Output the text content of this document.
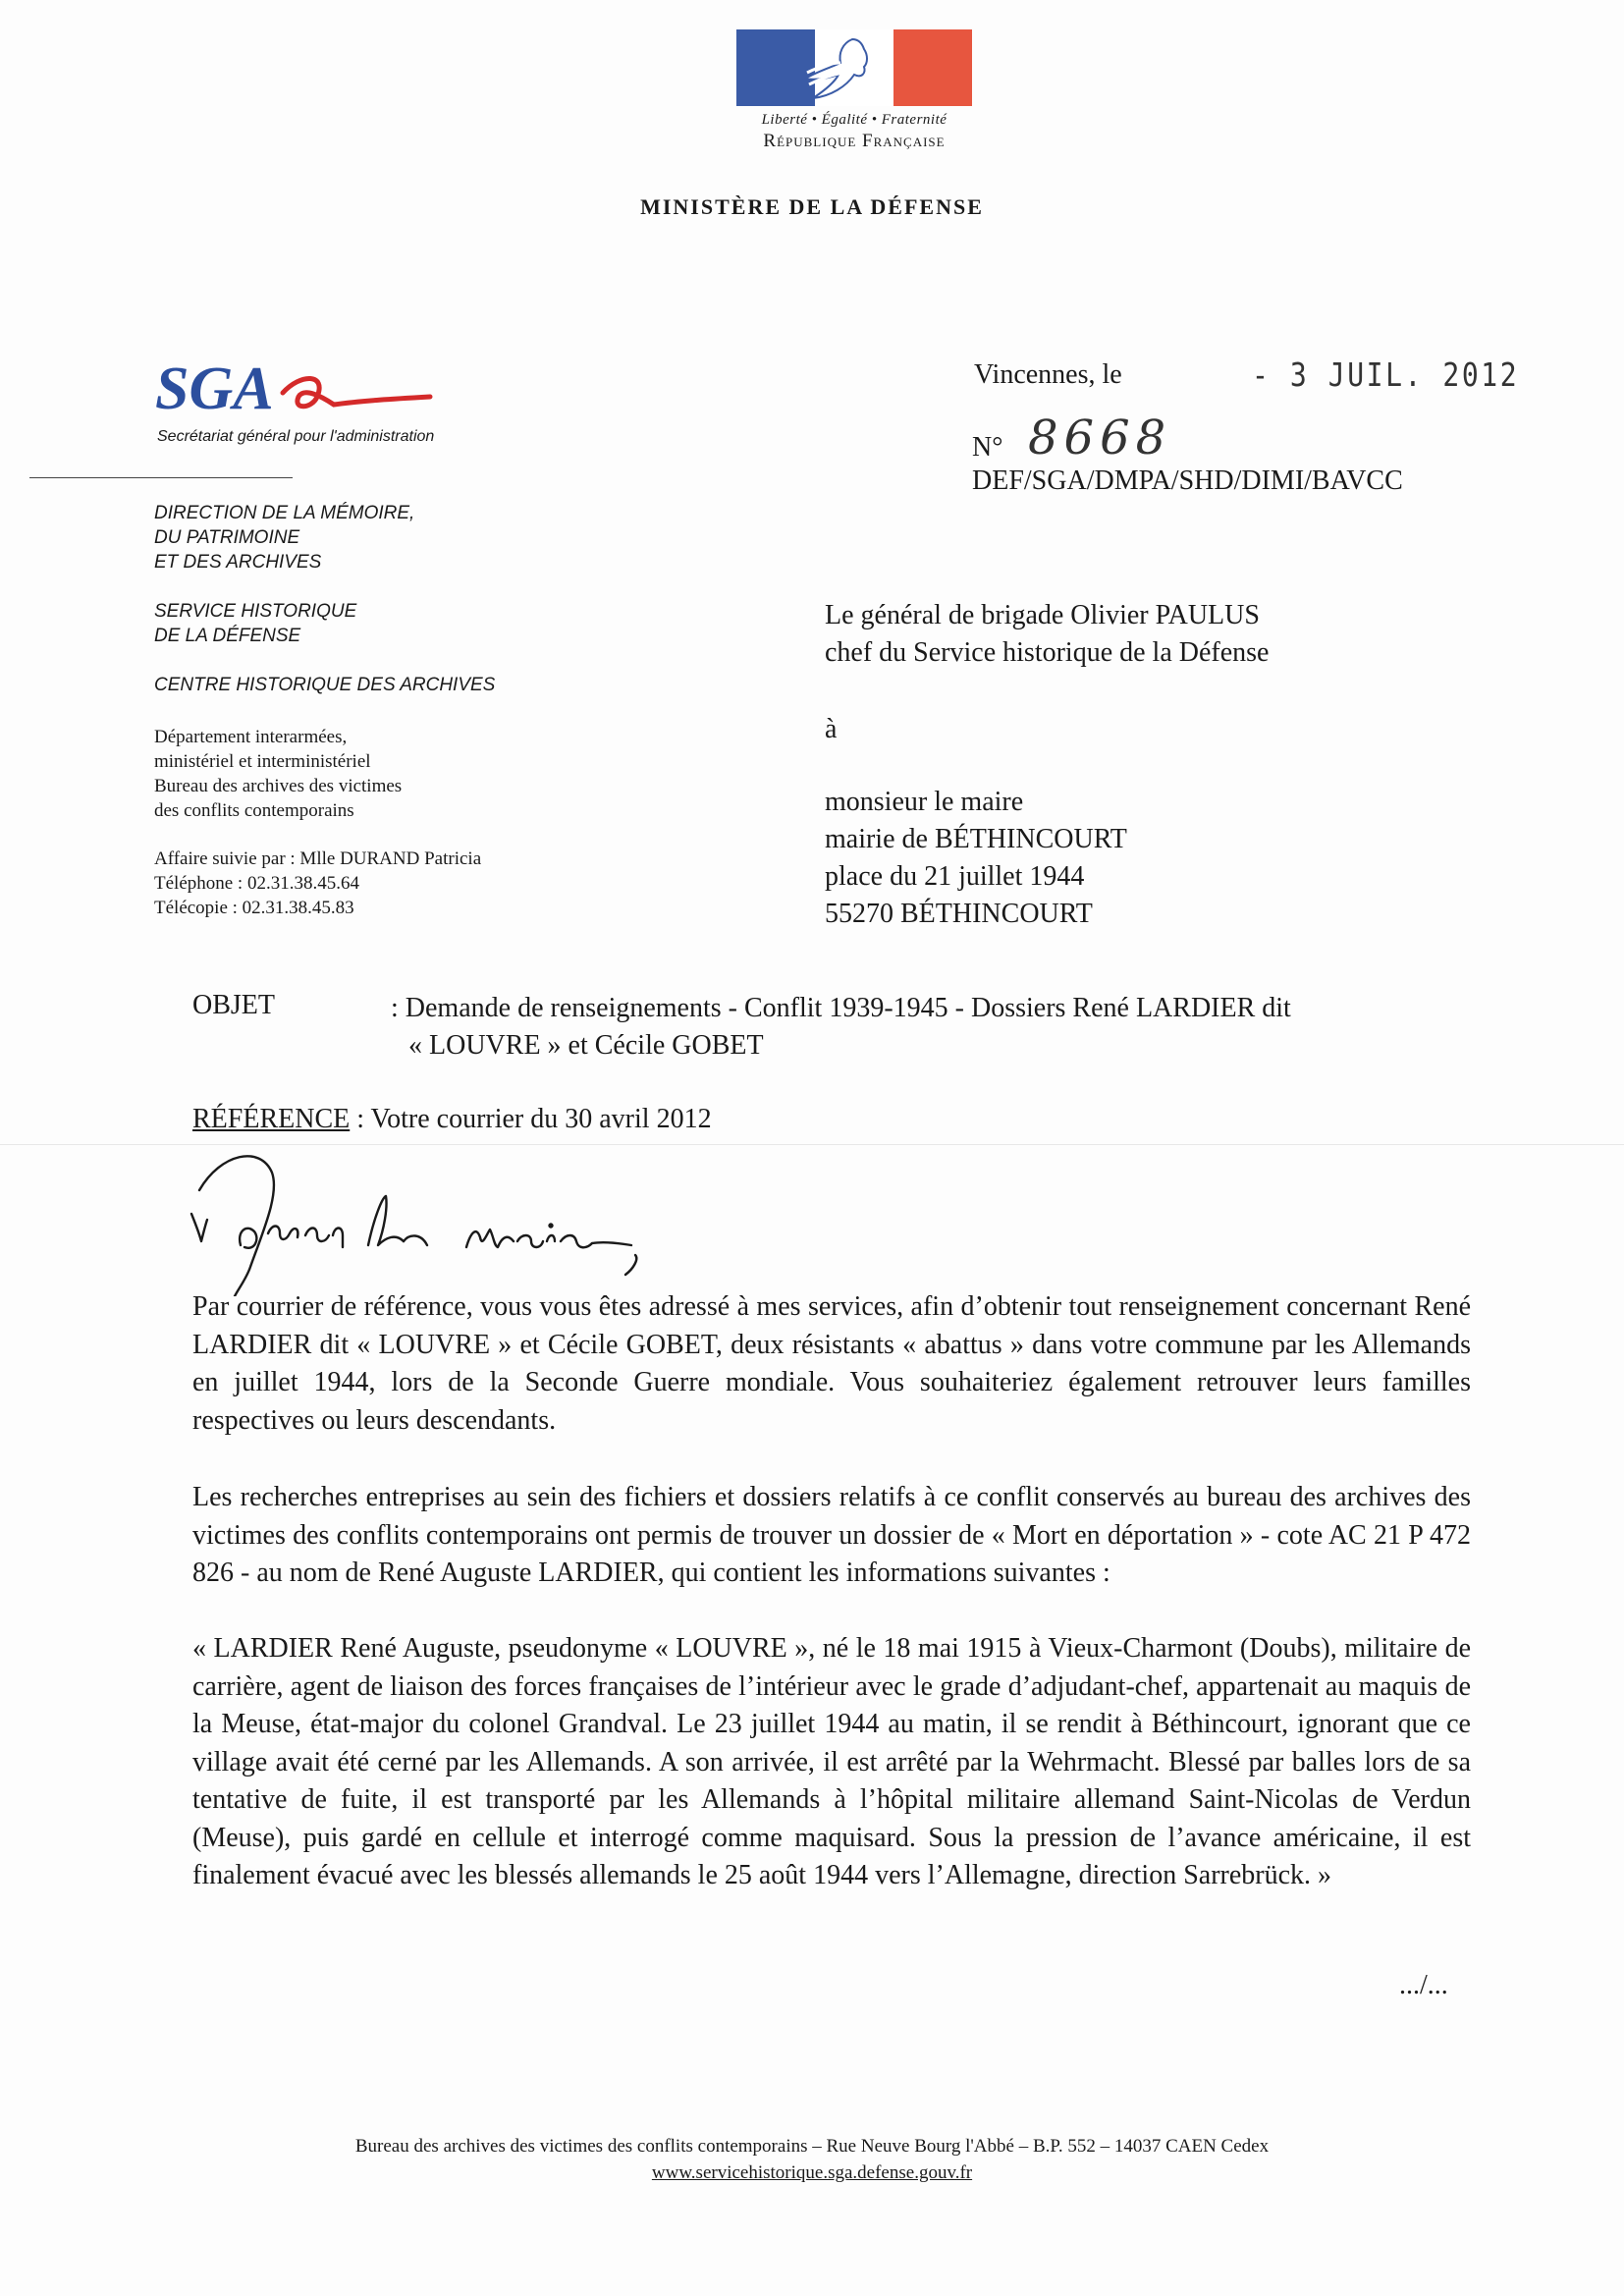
Liberté • Égalité • Fraternité
République Française
MINISTÈRE DE LA DÉFENSE
SGA
Secrétariat général pour l'administration
DIRECTION DE LA MÉMOIRE,
DU PATRIMOINE
ET DES ARCHIVES
SERVICE HISTORIQUE
DE LA DÉFENSE
CENTRE HISTORIQUE DES ARCHIVES
Département interarmées,
ministériel et interministériel
Bureau des archives des victimes
des conflits contemporains
Affaire suivie par : Mlle DURAND Patricia
Téléphone : 02.31.38.45.64
Télécopie : 02.31.38.45.83
Vincennes, le	- 3 JUIL. 2012
N° 8668
DEF/SGA/DMPA/SHD/DIMI/BAVCC
Le général de brigade Olivier PAULUS
chef du Service historique de la Défense
à
monsieur le maire
mairie de BÉTHINCOURT
place du 21 juillet 1944
55270 BÉTHINCOURT
OBJET	: Demande de renseignements - Conflit 1939-1945 - Dossiers René LARDIER dit
« LOUVRE » et Cécile GOBET
RÉFÉRENCE : Votre courrier du 30 avril 2012
Par courrier de référence, vous vous êtes adressé à mes services, afin d’obtenir tout renseignement concernant René LARDIER dit « LOUVRE » et Cécile GOBET, deux résistants « abattus » dans votre commune par les Allemands en juillet 1944, lors de la Seconde Guerre mondiale. Vous souhaiteriez également retrouver leurs familles respectives ou leurs descendants.
Les recherches entreprises au sein des fichiers et dossiers relatifs à ce conflit conservés au bureau des archives des victimes des conflits contemporains ont permis de trouver un dossier de « Mort en déportation » - cote AC 21 P 472 826 - au nom de René Auguste LARDIER, qui contient les informations suivantes :
« LARDIER René Auguste, pseudonyme « LOUVRE », né le 18 mai 1915 à Vieux-Charmont (Doubs), militaire de carrière, agent de liaison des forces françaises de l’intérieur avec le grade d’adjudant-chef, appartenait au maquis de la Meuse, état-major du colonel Grandval. Le 23 juillet 1944 au matin, il se rendit à Béthincourt, ignorant que ce village avait été cerné par les Allemands. A son arrivée, il est arrêté par la Wehrmacht. Blessé par balles lors de sa tentative de fuite, il est transporté par les Allemands à l’hôpital militaire allemand Saint-Nicolas de Verdun (Meuse), puis gardé en cellule et interrogé comme maquisard. Sous la pression de l’avance américaine, il est finalement évacué avec les blessés allemands le 25 août 1944 vers l’Allemagne, direction Sarrebrück. »
.../...
Bureau des archives des victimes des conflits contemporains – Rue Neuve Bourg l'Abbé – B.P. 552 – 14037 CAEN Cedex
www.servicehistorique.sga.defense.gouv.fr
